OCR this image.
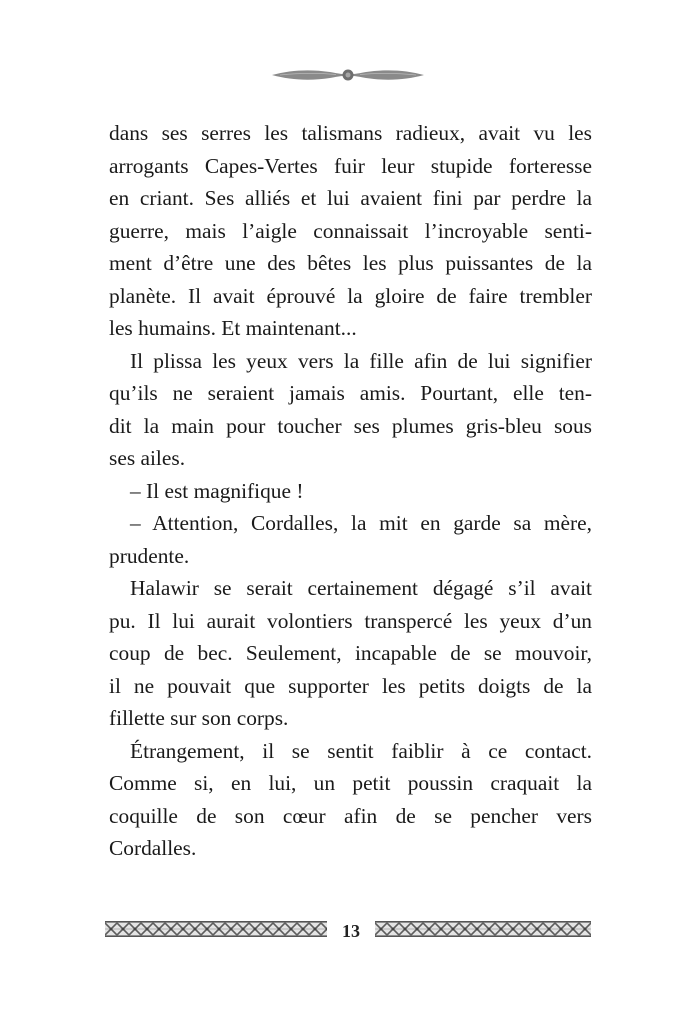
dans ses serres les talismans radieux, avait vu les
arrogants Capes-Vertes fuir leur stupide forteresse
en criant. Ses alliés et lui avaient fini par perdre la
guerre, mais l’aigle connaissait l’incroyable senti-
ment d’être une des bêtes les plus puissantes de la
planète. Il avait éprouvé la gloire de faire trembler
les humains. Et maintenant...
Il plissa les yeux vers la fille afin de lui signifier
qu’ils ne seraient jamais amis. Pourtant, elle ten-
dit la main pour toucher ses plumes gris-bleu sous
ses ailes.
– Il est magnifique !
– Attention, Cordalles, la mit en garde sa mère,
prudente.
Halawir se serait certainement dégagé s’il avait
pu. Il lui aurait volontiers transpercé les yeux d’un
coup de bec. Seulement, incapable de se mouvoir,
il ne pouvait que supporter les petits doigts de la
fillette sur son corps.
Étrangement, il se sentit faiblir à ce contact.
Comme si, en lui, un petit poussin craquait la
coquille de son cœur afin de se pencher vers
Cordalles.
13
